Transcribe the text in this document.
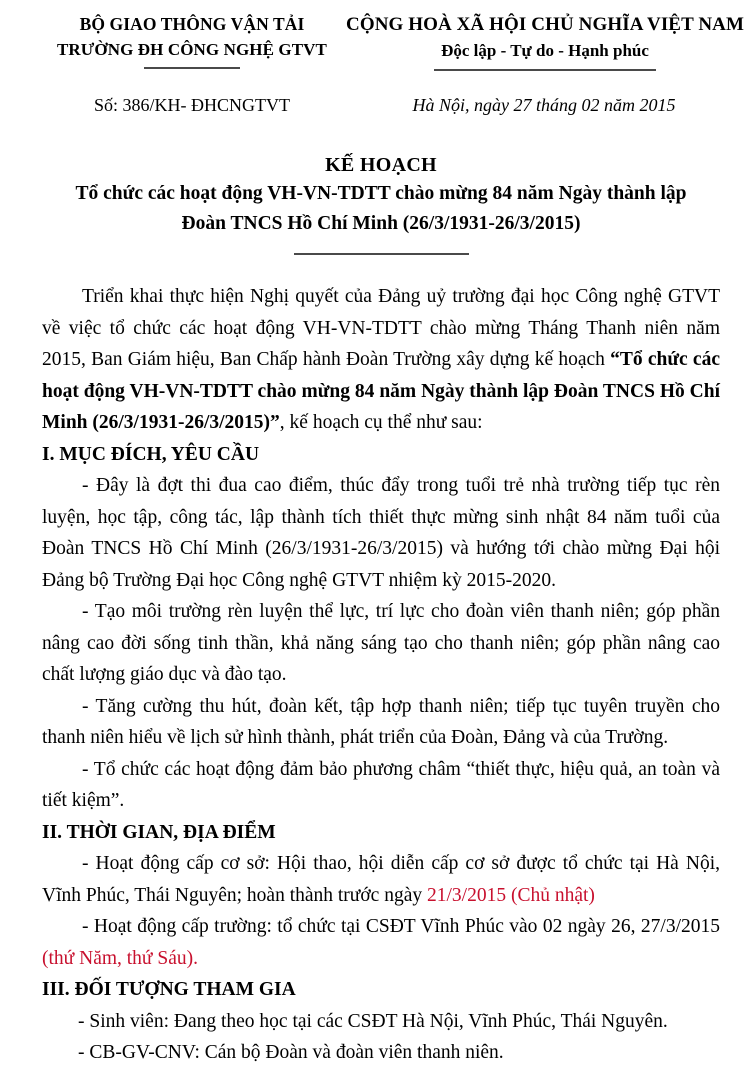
BỘ GIAO THÔNG VẬN TẢI
TRƯỜNG ĐH CÔNG NGHỆ GTVT
CỘNG HOÀ XÃ HỘI CHỦ NGHĨA VIỆT NAM
Độc lập - Tự do - Hạnh phúc
Số: 386/KH- ĐHCNGTVT	Hà Nội, ngày 27 tháng 02 năm 2015
KẾ HOẠCH
Tổ chức các hoạt động VH-VN-TDTT chào mừng 84 năm Ngày thành lập
Đoàn TNCS Hồ Chí Minh (26/3/1931-26/3/2015)

Triển khai thực hiện Nghị quyết của Đảng uỷ trường đại học Công nghệ GTVT về việc tổ chức các hoạt động VH-VN-TDTT chào mừng Tháng Thanh niên năm 2015, Ban Giám hiệu, Ban Chấp hành Đoàn Trường xây dựng kế hoạch “Tổ chức các hoạt động VH-VN-TDTT chào mừng 84 năm Ngày thành lập Đoàn TNCS Hồ Chí Minh (26/3/1931-26/3/2015)”, kế hoạch cụ thể như sau:

I. MỤC ĐÍCH, YÊU CẦU

- Đây là đợt thi đua cao điểm, thúc đẩy trong tuổi trẻ nhà trường tiếp tục rèn luyện, học tập, công tác, lập thành tích thiết thực mừng sinh nhật 84 năm tuổi của Đoàn TNCS Hồ Chí Minh (26/3/1931-26/3/2015) và hướng tới chào mừng Đại hội Đảng bộ Trường Đại học Công nghệ GTVT nhiệm kỳ 2015-2020.

- Tạo môi trường rèn luyện thể lực, trí lực cho đoàn viên thanh niên; góp phần nâng cao đời sống tinh thần, khả năng sáng tạo cho thanh niên; góp phần nâng cao chất lượng giáo dục và đào tạo.

- Tăng cường thu hút, đoàn kết, tập hợp thanh niên; tiếp tục tuyên truyền cho thanh niên hiểu về lịch sử hình thành, phát triển của Đoàn, Đảng và của Trường.

- Tổ chức các hoạt động đảm bảo phương châm “thiết thực, hiệu quả, an toàn và tiết kiệm”.

II. THỜI GIAN, ĐỊA ĐIỂM

- Hoạt động cấp cơ sở: Hội thao, hội diễn cấp cơ sở được tổ chức tại Hà Nội, Vĩnh Phúc, Thái Nguyên; hoàn thành trước ngày 21/3/2015 (Chủ nhật)

- Hoạt động cấp trường: tổ chức tại CSĐT Vĩnh Phúc vào 02 ngày 26, 27/3/2015 (thứ Năm, thứ Sáu).

III. ĐỐI TƯỢNG THAM GIA

- Sinh viên: Đang theo học tại các CSĐT Hà Nội, Vĩnh Phúc, Thái Nguyên.

- CB-GV-CNV: Cán bộ Đoàn và đoàn viên thanh niên.
